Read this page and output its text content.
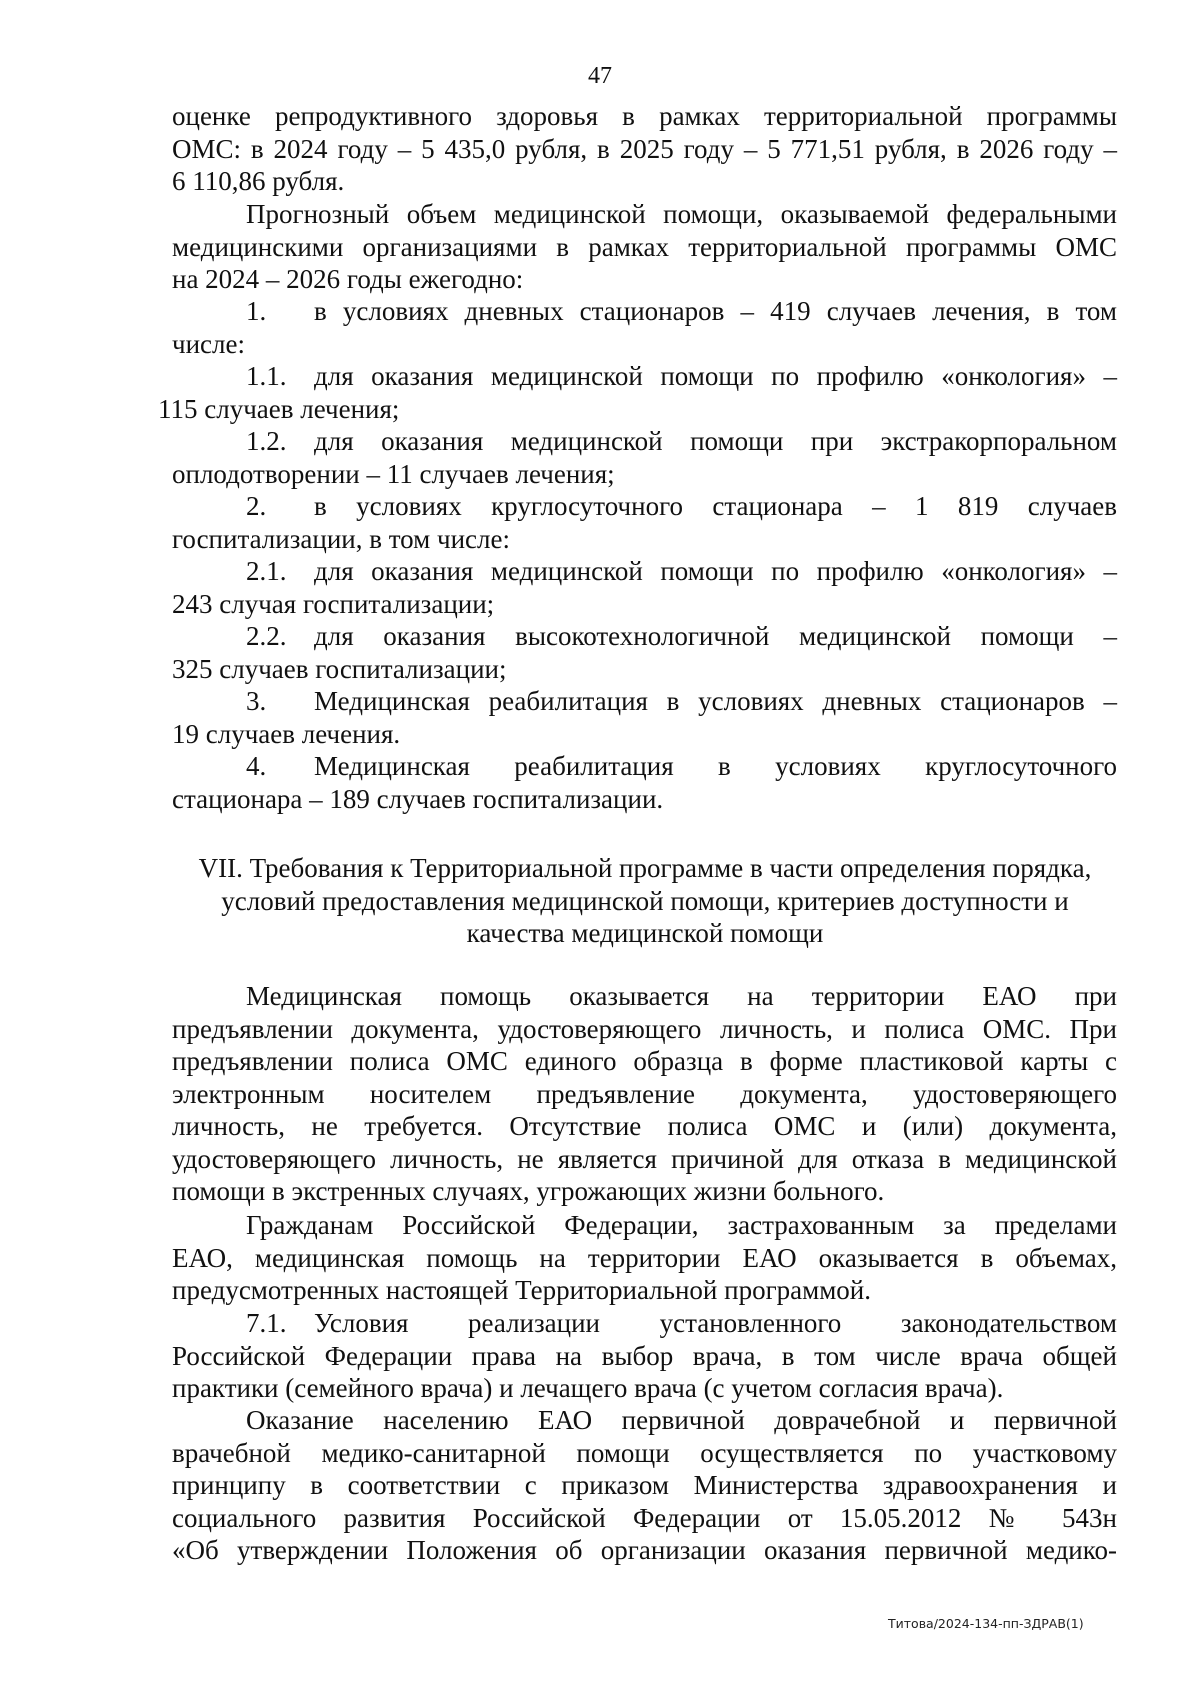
47
оценке репродуктивного здоровья в рамках территориальной программы
ОМС: в 2024 году – 5 435,0 рубля, в 2025 году – 5 771,51 рубля, в 2026 году –
6 110,86 рубля.
Прогнозный объем медицинской помощи, оказываемой федеральными
медицинскими организациями в рамках территориальной программы ОМС
на 2024 – 2026 годы ежегодно:
1.	в условиях дневных стационаров – 419 случаев лечения, в том
числе:
1.1.	для оказания медицинской помощи по профилю «онкология» –
115 случаев лечения;
1.2.	для оказания медицинской помощи при экстракорпоральном
оплодотворении – 11 случаев лечения;
2.	в условиях круглосуточного стационара – 1 819 случаев
госпитализации, в том числе:
2.1.	для оказания медицинской помощи по профилю «онкология» –
243 случая госпитализации;
2.2.	для оказания высокотехнологичной медицинской помощи –
325 случаев госпитализации;
3.	Медицинская реабилитация в условиях дневных стационаров –
19 случаев лечения.
4.	Медицинская реабилитация в условиях круглосуточного
стационара – 189 случаев госпитализации.
VII. Требования к Территориальной программе в части определения порядка,
условий предоставления медицинской помощи, критериев доступности и
качества медицинской помощи
Медицинская помощь оказывается на территории ЕАО при
предъявлении документа, удостоверяющего личность, и полиса ОМС. При
предъявлении полиса ОМС единого образца в форме пластиковой карты с
электронным носителем предъявление документа, удостоверяющего
личность, не требуется. Отсутствие полиса ОМС и (или) документа,
удостоверяющего личность, не является причиной для отказа в медицинской
помощи в экстренных случаях, угрожающих жизни больного.
Гражданам Российской Федерации, застрахованным за пределами
ЕАО, медицинская помощь на территории ЕАО оказывается в объемах,
предусмотренных настоящей Территориальной программой.
7.1.	Условия реализации установленного законодательством
Российской Федерации права на выбор врача, в том числе врача общей
практики (семейного врача) и лечащего врача (с учетом согласия врача).
Оказание населению ЕАО первичной доврачебной и первичной
врачебной медико-санитарной помощи осуществляется по участковому
принципу в соответствии с приказом Министерства здравоохранения и
социального развития Российской Федерации от 15.05.2012 № 543н
«Об утверждении Положения об организации оказания первичной медико-
Титова/2024-134-пп-ЗДРАВ(1)
